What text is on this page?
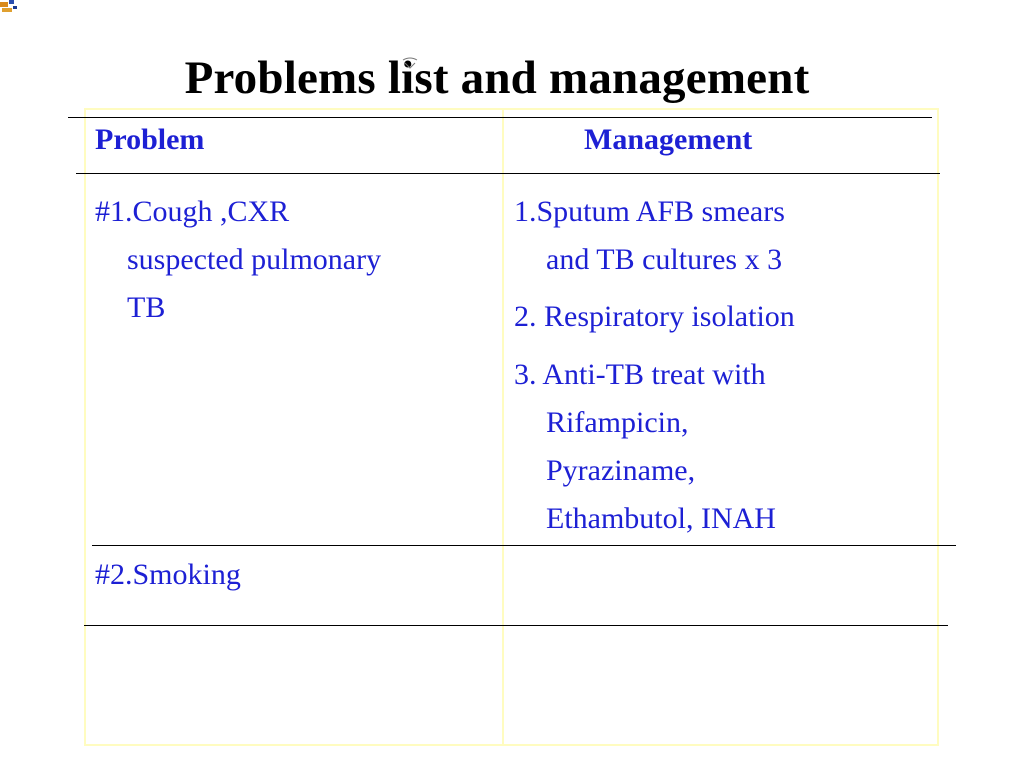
Problems list and management
Problem	Management
#1.Cough ,CXR
suspected pulmonary
TB
1.Sputum AFB smears
and TB cultures x 3
2. Respiratory isolation
3. Anti-TB treat with
Rifampicin,
Pyraziname,
Ethambutol, INAH
#2.Smoking
